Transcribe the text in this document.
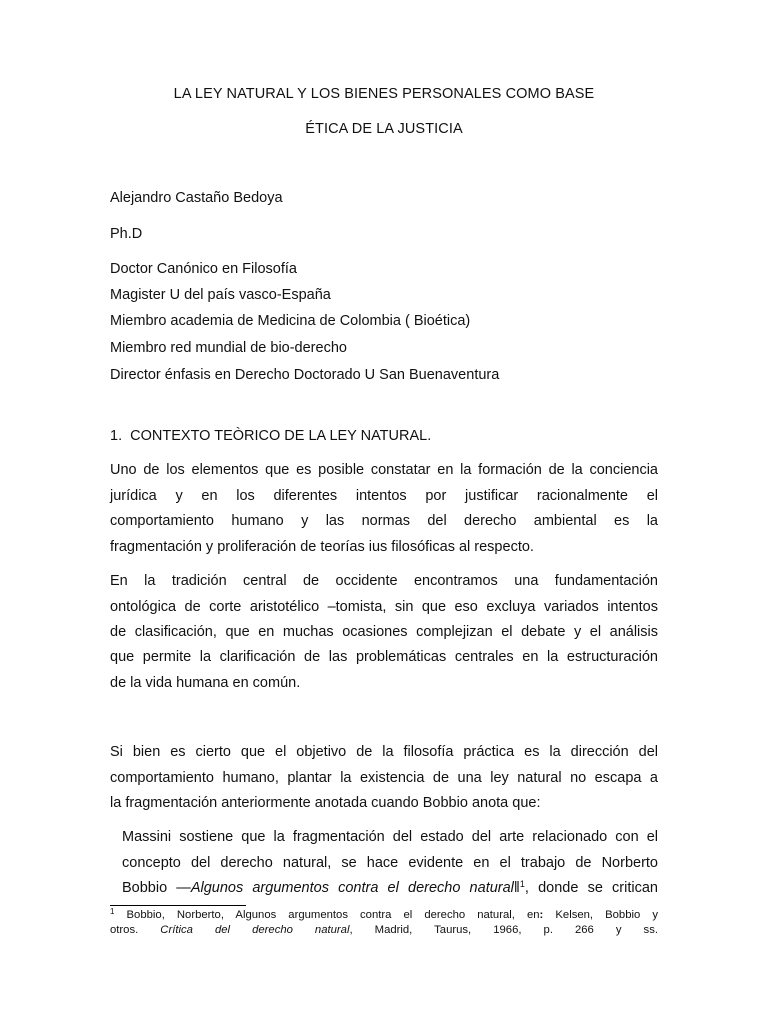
LA LEY NATURAL Y LOS BIENES PERSONALES COMO BASE
ÉTICA DE LA JUSTICIA
Alejandro Castaño Bedoya
Ph.D
Doctor Canónico en Filosofía
Magister U del país vasco-España
Miembro academia de Medicina de Colombia ( Bioética)
Miembro red mundial de bio-derecho
Director énfasis en Derecho Doctorado U San Buenaventura
1. CONTEXTO TEÒRICO DE LA LEY NATURAL.
Uno de los elementos que es posible constatar en la formación de la conciencia
jurídica y en los diferentes intentos por justificar racionalmente el
comportamiento humano y las normas del derecho ambiental es la
fragmentación y proliferación de teorías ius filosóficas al respecto.
En la tradición central de occidente encontramos una fundamentación
ontológica de corte aristotélico –tomista, sin que eso excluya variados intentos
de clasificación, que en muchas ocasiones complejizan el debate y el análisis
que permite la clarificación de las problemáticas centrales en la estructuración
de la vida humana en común.
Si bien es cierto que el objetivo de la filosofía práctica es la dirección del
comportamiento humano, plantar la existencia de una ley natural no escapa a
la fragmentación anteriormente anotada cuando Bobbio anota que:
Massini sostiene que la fragmentación del estado del arte relacionado con el
concepto del derecho natural, se hace evidente en el trabajo de Norberto
Bobbio —Algunos argumentos contra el derecho natural‖$^1$, donde se critican
$^1$ Bobbio, Norberto, Algunos argumentos contra el derecho natural, en: Kelsen, Bobbio y
otros. Crítica del derecho natural, Madrid, Taurus, 1966, p. 266 y ss.
